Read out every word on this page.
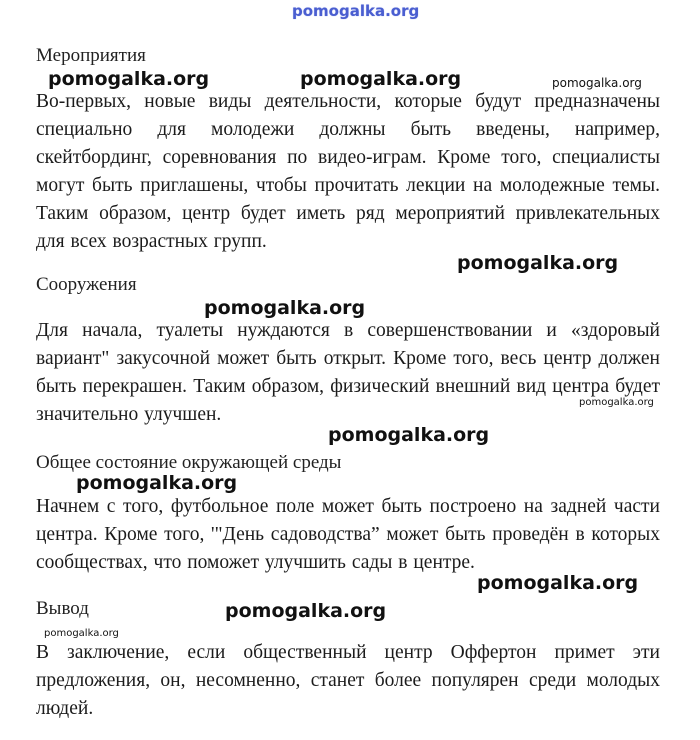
pomogalka.org
Мероприятия
Во-первых, новые виды деятельности, которые будут предназначены специально для молодежи должны быть введены, например, скейтбординг, соревнования по видео-играм. Кроме того, специалисты могут быть приглашены, чтобы прочитать лекции на молодежные темы. Таким образом, центр будет иметь ряд мероприятий привлекательных для всех возрастных групп.
Сооружения
Для начала, туалеты нуждаются в совершенствовании и «здоровый вариант" закусочной может быть открыт. Кроме того, весь центр должен быть перекрашен. Таким образом, физический внешний вид центра будет значительно улучшен.
Общее состояние окружающей среды
Начнем с того, футбольное поле может быть построено на задней части центра. Кроме того, '"День садоводства” может быть проведён в которых сообществах, что поможет улучшить сады в центре.
Вывод
В заключение, если общественный центр Оффертон примет эти предложения, он, несомненно, станет более популярен среди молодых людей.
pomogalka.org	pomogalka.org	pomogalka.org
pomogalka.org
pomogalka.org
pomogalka.org
pomogalka.org
pomogalka.org
pomogalka.org
pomogalka.org
pomogalka.org
